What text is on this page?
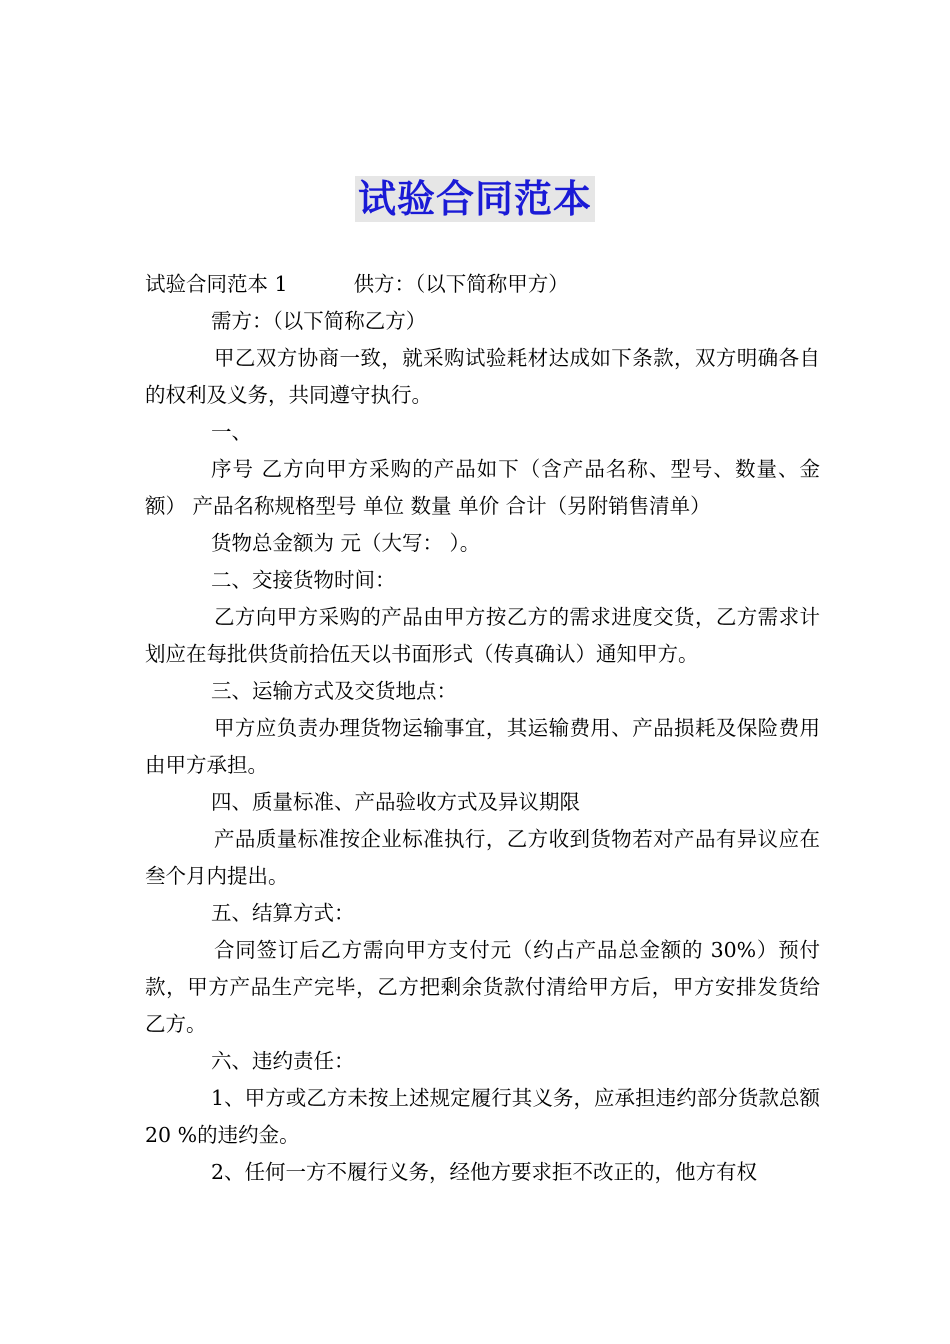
试验合同范本

试验合同范本 1	供方：（以下简称甲方）

需方：（以下简称乙方）

甲乙双方协商一致，就采购试验耗材达成如下条款，双方明确各自的权利及义务，共同遵守执行。

一、

序号 乙方向甲方采购的产品如下（含产品名称、型号、数量、金额） 产品名称规格型号 单位 数量 单价 合计（另附销售清单）

货物总金额为 元（大写： ）。

二、交接货物时间：

乙方向甲方采购的产品由甲方按乙方的需求进度交货，乙方需求计划应在每批供货前拾伍天以书面形式（传真确认）通知甲方。

三、运输方式及交货地点：

甲方应负责办理货物运输事宜，其运输费用、产品损耗及保险费用由甲方承担。

四、质量标准、产品验收方式及异议期限

产品质量标准按企业标准执行，乙方收到货物若对产品有异议应在叁个月内提出。

五、结算方式：

合同签订后乙方需向甲方支付元（约占产品总金额的 30%）预付款，甲方产品生产完毕，乙方把剩余货款付清给甲方后，甲方安排发货给乙方。

六、违约责任：

1、甲方或乙方未按上述规定履行其义务，应承担违约部分货款总额 20 %的违约金。

2、任何一方不履行义务，经他方要求拒不改正的，他方有权
